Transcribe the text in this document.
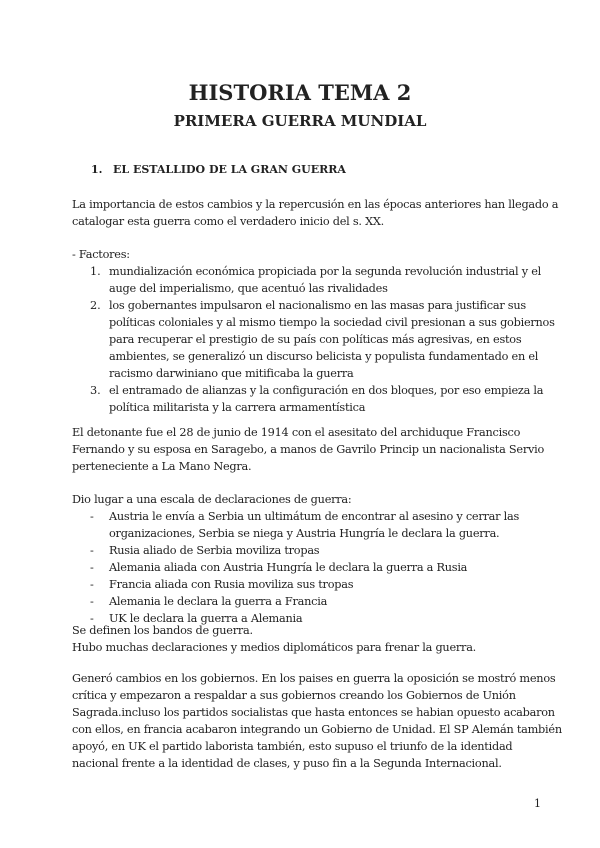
HISTORIA TEMA 2
PRIMERA GUERRA MUNDIAL
1. EL ESTALLIDO DE LA GRAN GUERRA
La importancia de estos cambios y la repercusión en las épocas anteriores han llegado a
catalogar esta guerra como el verdadero inicio del s. XX.
- Factores:
1. mundialización económica propiciada por la segunda revolución industrial y el
auge del imperialismo, que acentuó las rivalidades
2. los gobernantes impulsaron el nacionalismo en las masas para justificar sus
políticas coloniales y al mismo tiempo la sociedad civil presionan a sus gobiernos
para recuperar el prestigio de su país con políticas más agresivas, en estos
ambientes, se generalizó un discurso belicista y populista fundamentado en el
racismo darwiniano que mitificaba la guerra
3. el entramado de alianzas y la configuración en dos bloques, por eso empieza la
política militarista y la carrera armamentística
El detonante fue el 28 de junio de 1914 con el asesitato del archiduque Francisco
Fernando y su esposa en Saragebo, a manos de Gavrilo Princip un nacionalista Servio
perteneciente a La Mano Negra.
Dio lugar a una escala de declaraciones de guerra:
- Austria le envía a Serbia un ultimátum de encontrar al asesino y cerrar las
organizaciones, Serbia se niega y Austria Hungría le declara la guerra.
- Rusia aliado de Serbia moviliza tropas
- Alemania aliada con Austria Hungría le declara la guerra a Rusia
- Francia aliada con Rusia moviliza sus tropas
- Alemania le declara la guerra a Francia
- UK le declara la guerra a Alemania
Se definen los bandos de guerra.
Hubo muchas declaraciones y medios diplomáticos para frenar la guerra.
Generó cambios en los gobiernos. En los paises en guerra la oposición se mostró menos
crítica y empezaron a respaldar a sus gobiernos creando los Gobiernos de Unión
Sagrada.incluso los partidos socialistas que hasta entonces se habian opuesto acabaron
con ellos, en francia acabaron integrando un Gobierno de Unidad. El SP Alemán también
apoyó, en UK el partido laborista también, esto supuso el triunfo de la identidad
nacional frente a la identidad de clases, y puso fin a la Segunda Internacional.
1
